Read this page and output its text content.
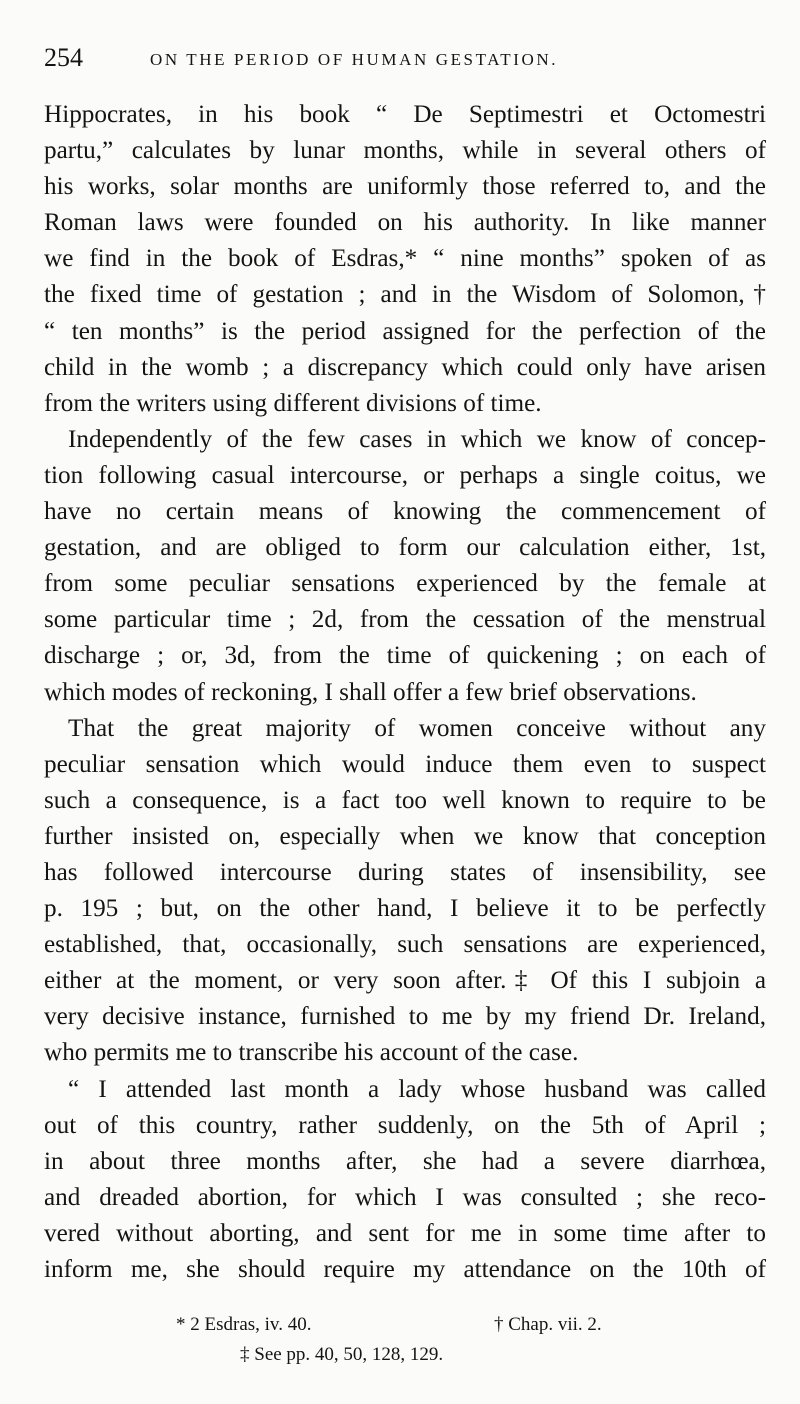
254	ON THE PERIOD OF HUMAN GESTATION.

Hippocrates, in his book “ De Septimestri et Octomestri
partu,” calculates by lunar months, while in several others of
his works, solar months are uniformly those referred to, and the
Roman laws were founded on his authority. In like manner
we find in the book of Esdras,* “ nine months” spoken of as
the fixed time of gestation ; and in the Wisdom of Solomon,†
“ ten months” is the period assigned for the perfection of the
child in the womb ; a discrepancy which could only have arisen
from the writers using different divisions of time.

Independently of the few cases in which we know of concep-
tion following casual intercourse, or perhaps a single coitus, we
have no certain means of knowing the commencement of
gestation, and are obliged to form our calculation either, 1st,
from some peculiar sensations experienced by the female at
some particular time ; 2d, from the cessation of the menstrual
discharge ; or, 3d, from the time of quickening ; on each of
which modes of reckoning, I shall offer a few brief observations.

That the great majority of women conceive without any
peculiar sensation which would induce them even to suspect
such a consequence, is a fact too well known to require to be
further insisted on, especially when we know that conception
has followed intercourse during states of insensibility, see
p. 195 ; but, on the other hand, I believe it to be perfectly
established, that, occasionally, such sensations are experienced,
either at the moment, or very soon after.‡ Of this I subjoin a
very decisive instance, furnished to me by my friend Dr. Ireland,
who permits me to transcribe his account of the case.

“ I attended last month a lady whose husband was called
out of this country, rather suddenly, on the 5th of April ;
in about three months after, she had a severe diarrhœa,
and dreaded abortion, for which I was consulted ; she reco-
vered without aborting, and sent for me in some time after to
inform me, she should require my attendance on the 10th of

* 2 Esdras, iv. 40.	† Chap. vii. 2.
‡ See pp. 40, 50, 128, 129.
